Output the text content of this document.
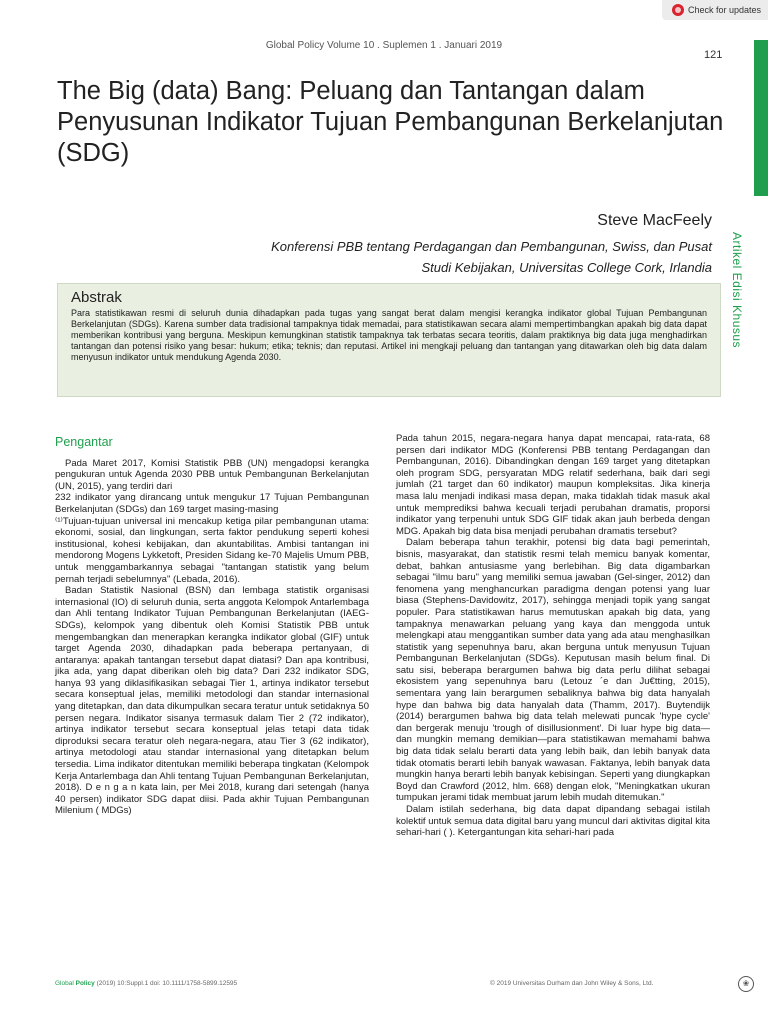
Check for updates
Global Policy Volume 10 . Suplemen 1 . Januari 2019
121
The Big (data) Bang: Peluang dan Tantangan dalam Penyusunan Indikator Tujuan Pembangunan Berkelanjutan (SDG)
Steve MacFeely
Konferensi PBB tentang Perdagangan dan Pembangunan, Swiss, dan Pusat
Studi Kebijakan, Universitas College Cork, Irlandia Artikel Edisi Khusus
Abstrak

Para statistikawan resmi di seluruh dunia dihadapkan pada tugas yang sangat berat dalam mengisi kerangka indikator global Tujuan Pembangunan Berkelanjutan (SDGs). Karena sumber data tradisional tampaknya tidak memadai, para statistikawan secara alami mempertimbangkan apakah big data dapat memberikan kontribusi yang berguna. Meskipun kemungkinan statistik tampaknya tak terbatas secara teoritis, dalam praktiknya big data juga menghadirkan tantangan dan potensi risiko yang besar: hukum; etika; teknis; dan reputasi. Artikel ini mengkaji peluang dan tantangan yang ditawarkan oleh big data dalam menyusun indikator untuk mendukung Agenda 2030.

Pengantar

Pada Maret 2017, Komisi Statistik PBB (UN) mengadopsi kerangka pengukuran untuk Agenda 2030 PBB untuk Pembangunan Berkelanjutan (UN, 2015), yang terdiri dari

232 indikator yang dirancang untuk mengukur 17 Tujuan Pembangunan Berkelanjutan (SDGs) dan 169 target masing-masing

⁽¹⁾Tujuan-tujuan universal ini mencakup ketiga pilar pembangunan utama: ekonomi, sosial, dan lingkungan, serta faktor pendukung seperti kohesi institusional, kohesi kebijakan, dan akuntabilitas. Ambisi tantangan ini mendorong Mogens Lykketoft, Presiden Sidang ke-70 Majelis Umum PBB, untuk menggambarkannya sebagai "tantangan statistik yang belum pernah terjadi sebelumnya" (Lebada, 2016).

Badan Statistik Nasional (BSN) dan lembaga statistik organisasi internasional (IO) di seluruh dunia, serta anggota Kelompok Antarlembaga dan Ahli tentang Indikator Tujuan Pembangunan Berkelanjutan (IAEG-SDGs), kelompok yang dibentuk oleh Komisi Statistik PBB untuk mengembangkan dan menerapkan kerangka indikator global (GIF) untuk target Agenda 2030, dihadapkan pada beberapa pertanyaan, di antaranya: apakah tantangan tersebut dapat diatasi? Dan apa kontribusi, jika ada, yang dapat diberikan oleh big data? Dari 232 indikator SDG, hanya 93 yang diklasifikasikan sebagai Tier 1, artinya indikator tersebut secara konseptual jelas, memiliki metodologi dan standar internasional yang ditetapkan, dan data dikumpulkan secara teratur untuk setidaknya 50 persen negara. Indikator sisanya termasuk dalam Tier 2 (72 indikator), artinya indikator tersebut secara konseptual jelas tetapi data tidak diproduksi secara teratur oleh negara-negara, atau Tier 3 (62 indikator), artinya metodologi atau standar internasional yang ditetapkan belum tersedia. Lima indikator ditentukan memiliki beberapa tingkatan (Kelompok Kerja Antarlembaga dan Ahli tentang Tujuan Pembangunan Berkelanjutan, 2018). D e n g a n kata lain, per Mei 2018, kurang dari setengah (hanya 40 persen) indikator SDG dapat diisi. Pada akhir Tujuan Pembangunan Milenium ( MDGs)

Pada tahun 2015, negara-negara hanya dapat mencapai, rata-rata, 68 persen dari indikator MDG (Konferensi PBB tentang Perdagangan dan Pembangunan, 2016). Dibandingkan dengan 169 target yang ditetapkan oleh program SDG, persyaratan MDG relatif sederhana, baik dari segi jumlah (21 target dan 60 indikator) maupun kompleksitas. Jika kinerja masa lalu menjadi indikasi masa depan, maka tidaklah tidak masuk akal untuk memprediksi bahwa kecuali terjadi perubahan dramatis, proporsi indikator yang terpenuhi untuk SDG GIF tidak akan jauh berbeda dengan MDG. Apakah big data bisa menjadi perubahan dramatis tersebut?

Dalam beberapa tahun terakhir, potensi big data bagi pemerintah, bisnis, masyarakat, dan statistik resmi telah memicu banyak komentar, debat, bahkan antusiasme yang berlebihan. Big data digambarkan sebagai "ilmu baru" yang memiliki semua jawaban (Gel-singer, 2012) dan fenomena yang menghancurkan paradigma dengan potensi yang luar biasa (Stephens-Davidowitz, 2017), sehingga menjadi topik yang sangat populer. Para statistikawan harus memutuskan apakah big data, yang tampaknya menawarkan peluang yang kaya dan menggoda untuk melengkapi atau menggantikan sumber data yang ada atau menghasilkan statistik yang sepenuhnya baru, akan berguna untuk menyusun Tujuan Pembangunan Berkelanjutan (SDGs). Keputusan masih belum final. Di satu sisi, beberapa berargumen bahwa big data perlu dilihat sebagai ekosistem yang sepenuhnya baru (Letouz ´e dan Ju€tting, 2015), sementara yang lain berargumen sebaliknya bahwa big data hanyalah hype dan bahwa big data hanyalah data (Thamm, 2017). Buytendijk (2014) berargumen bahwa big data telah melewati puncak 'hype cycle' dan bergerak menuju 'trough of disillusionment'. Di luar hype big data—dan mungkin memang demikian—para statistikawan memahami bahwa big data tidak selalu berarti data yang lebih baik, dan lebih banyak data tidak otomatis berarti lebih banyak wawasan. Faktanya, lebih banyak data mungkin hanya berarti lebih banyak kebisingan. Seperti yang diungkapkan Boyd dan Crawford (2012, hlm. 668) dengan elok, "Meningkatkan ukuran tumpukan jerami tidak membuat jarum lebih mudah ditemukan."

Dalam istilah sederhana, big data dapat dipandang sebagai istilah kolektif untuk semua data digital baru yang muncul dari aktivitas digital kita sehari-hari ( ). Ketergantungan kita sehari-hari pada

Global Policy (2019) 10:Suppl.1 doi: 10.1111/1758-5899.12595	© 2019 Universitas Durham dan John Wiley & Sons, Ltd.	❀
